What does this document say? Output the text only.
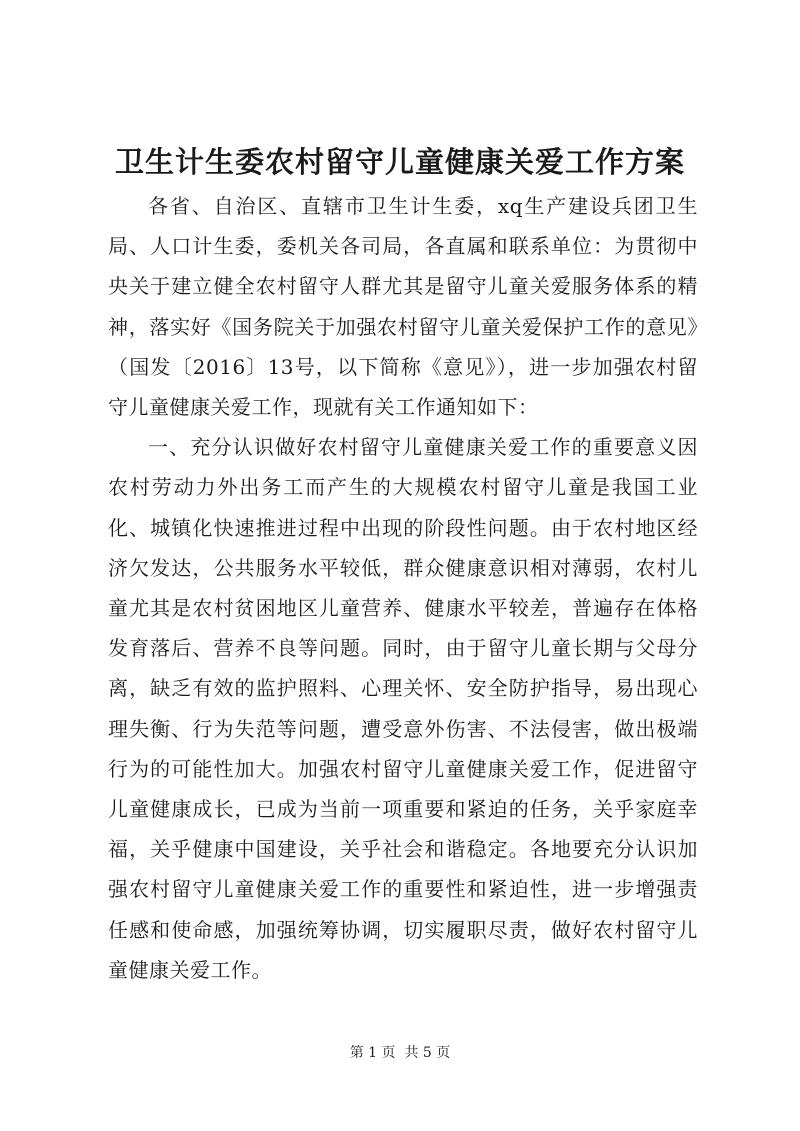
卫生计生委农村留守儿童健康关爱工作方案

各省、自治区、直辖市卫生计生委，xq生产建设兵团卫生局、人口计生委，委机关各司局，各直属和联系单位：为贯彻中央关于建立健全农村留守人群尤其是留守儿童关爱服务体系的精神，落实好《国务院关于加强农村留守儿童关爱保护工作的意见》（国发〔2016〕13号，以下简称《意见》），进一步加强农村留守儿童健康关爱工作，现就有关工作通知如下：

一、充分认识做好农村留守儿童健康关爱工作的重要意义因农村劳动力外出务工而产生的大规模农村留守儿童是我国工业化、城镇化快速推进过程中出现的阶段性问题。由于农村地区经济欠发达，公共服务水平较低，群众健康意识相对薄弱，农村儿童尤其是农村贫困地区儿童营养、健康水平较差，普遍存在体格发育落后、营养不良等问题。同时，由于留守儿童长期与父母分离，缺乏有效的监护照料、心理关怀、安全防护指导，易出现心理失衡、行为失范等问题，遭受意外伤害、不法侵害，做出极端行为的可能性加大。加强农村留守儿童健康关爱工作，促进留守儿童健康成长，已成为当前一项重要和紧迫的任务，关乎家庭幸福，关乎健康中国建设，关乎社会和谐稳定。各地要充分认识加强农村留守儿童健康关爱工作的重要性和紧迫性，进一步增强责任感和使命感，加强统筹协调，切实履职尽责，做好农村留守儿童健康关爱工作。

第 1 页  共 5 页
